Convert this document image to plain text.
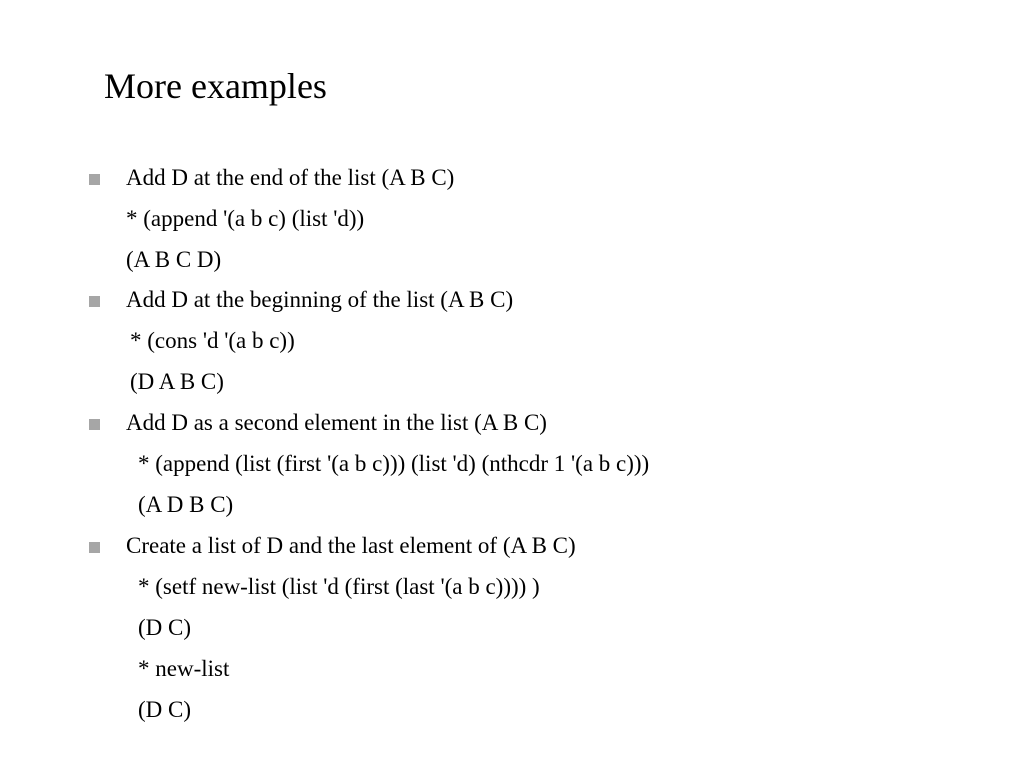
More examples
Add D at the end of the list (A B C)
* (append '(a b c) (list 'd))
(A B C D)
Add D at the beginning of the list (A B C)
* (cons 'd '(a b c))
(D A B C)
Add D as a second element in the list (A B C)
* (append (list (first '(a b c))) (list 'd) (nthcdr 1 '(a b c)))
(A D B C)
Create a list of D and the last element of (A B C)
* (setf new-list (list 'd (first (last '(a b c)))) )
(D C)
* new-list
(D C)
